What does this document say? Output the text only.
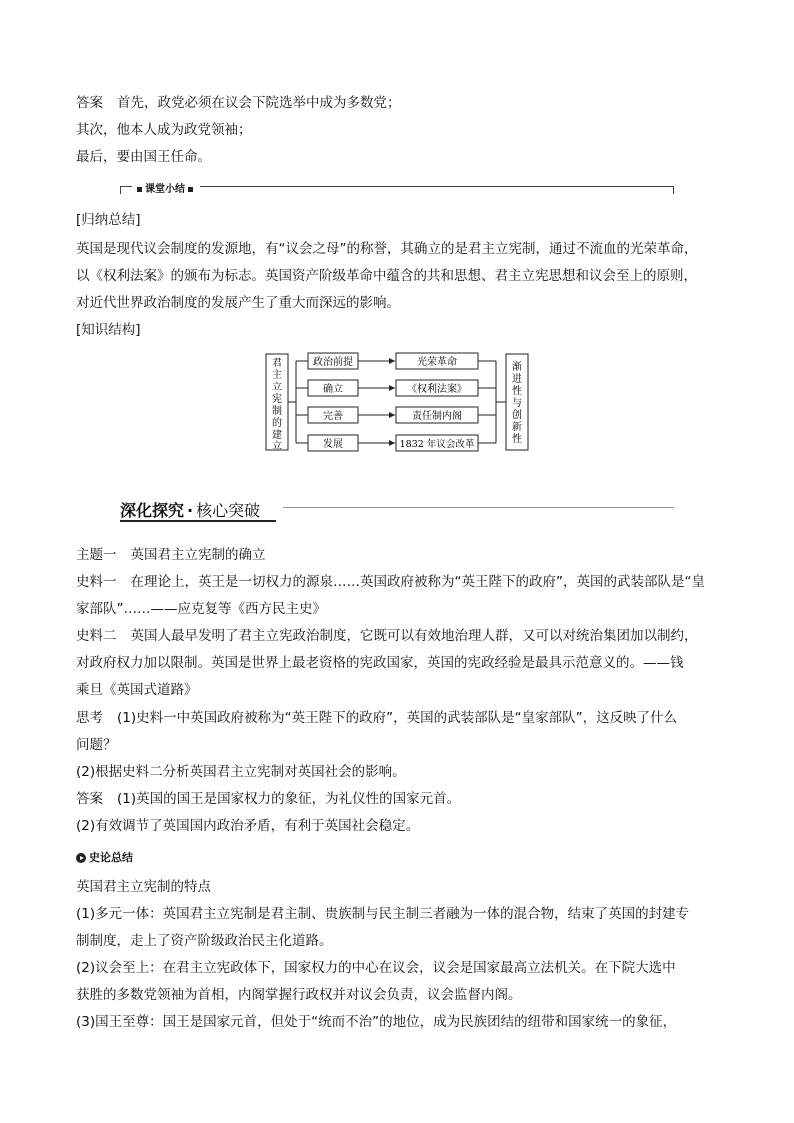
答案 首先，政党必须在议会下院选举中成为多数党；
其次，他本人成为政党领袖；
最后，要由国王任命。
课堂小结
[归纳总结]
英国是现代议会制度的发源地，有“议会之母”的称誉，其确立的是君主立宪制，通过不流血的光荣革命，
以《权利法案》的颁布为标志。英国资产阶级革命中蕴含的共和思想、君主立宪思想和议会至上的原则，
对近代世界政治制度的发展产生了重大而深远的影响。
[知识结构]
君
主
立
宪
制
的
建
立
政治前提	光荣革命
确立	《权利法案》
完善	责任制内阁
发展	1832 年议会改革
渐
进
性
与
创
新
性
深化探究 · 核心突破
主题一 英国君主立宪制的确立
史料一 在理论上，英王是一切权力的源泉……英国政府被称为“英王陛下的政府”，英国的武装部队是“皇
家部队”……——应克复等《西方民主史》
史料二 英国人最早发明了君主立宪政治制度，它既可以有效地治理人群，又可以对统治集团加以制约，
对政府权力加以限制。英国是世界上最老资格的宪政国家，英国的宪政经验是最具示范意义的。——钱
乘旦《英国式道路》
思考 (1)史料一中英国政府被称为“英王陛下的政府”，英国的武装部队是“皇家部队”，这反映了什么
问题？
(2)根据史料二分析英国君主立宪制对英国社会的影响。
答案 (1)英国的国王是国家权力的象征，为礼仪性的国家元首。
(2)有效调节了英国国内政治矛盾，有利于英国社会稳定。
史论总结
英国君主立宪制的特点
(1)多元一体：英国君主立宪制是君主制、贵族制与民主制三者融为一体的混合物，结束了英国的封建专
制制度，走上了资产阶级政治民主化道路。
(2)议会至上：在君主立宪政体下，国家权力的中心在议会，议会是国家最高立法机关。在下院大选中
获胜的多数党领袖为首相，内阁掌握行政权并对议会负责，议会监督内阁。
(3)国王至尊：国王是国家元首，但处于“统而不治”的地位，成为民族团结的纽带和国家统一的象征，
